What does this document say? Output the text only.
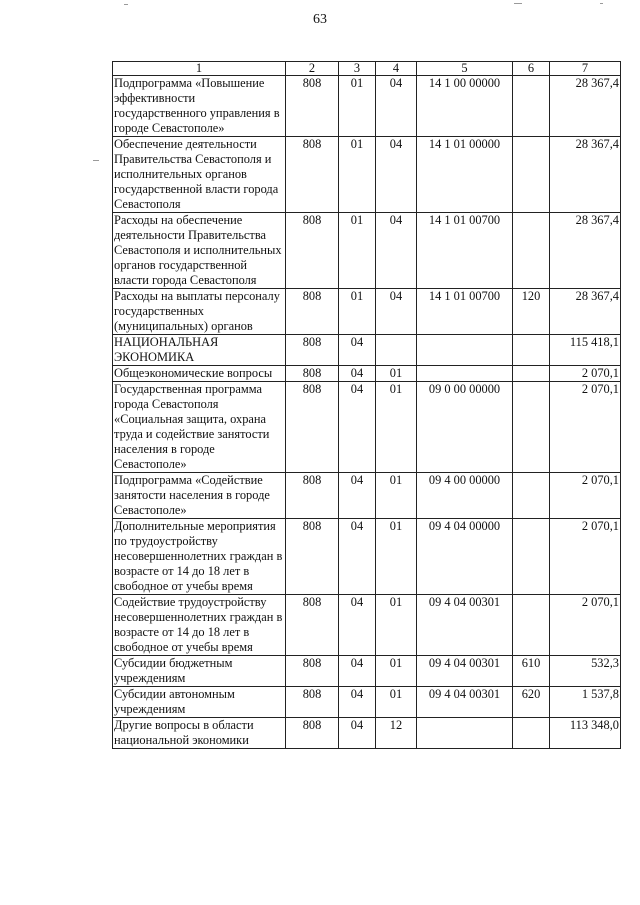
63
1	2	3	4	5	6	7
Подпрограмма «Повышение эффективности государственного управления в городе Севастополе»	808	01	04	14 1 00 00000		28 367,4
Обеспечение деятельности Правительства Севастополя и исполнительных органов государственной власти города Севастополя	808	01	04	14 1 01 00000		28 367,4
Расходы на обеспечение деятельности Правительства Севастополя и исполнительных органов государственной власти города Севастополя	808	01	04	14 1 01 00700		28 367,4
Расходы на выплаты персоналу государственных (муниципальных) органов	808	01	04	14 1 01 00700	120	28 367,4
НАЦИОНАЛЬНАЯ ЭКОНОМИКА	808	04				115 418,1
Общеэкономические вопросы	808	04	01			2 070,1
Государственная программа города Севастополя «Социальная защита, охрана труда и содействие занятости населения в городе Севастополе»	808	04	01	09 0 00 00000		2 070,1
Подпрограмма «Содействие занятости населения в городе Севастополе»	808	04	01	09 4 00 00000		2 070,1
Дополнительные мероприятия по трудоустройству несовершеннолетних граждан в возрасте от 14 до 18 лет в свободное от учебы время	808	04	01	09 4 04 00000		2 070,1
Содействие трудоустройству несовершеннолетних граждан в возрасте от 14 до 18 лет в свободное от учебы время	808	04	01	09 4 04 00301		2 070,1
Субсидии бюджетным учреждениям	808	04	01	09 4 04 00301	610	532,3
Субсидии автономным учреждениям	808	04	01	09 4 04 00301	620	1 537,8
Другие вопросы в области национальной экономики	808	04	12			113 348,0
